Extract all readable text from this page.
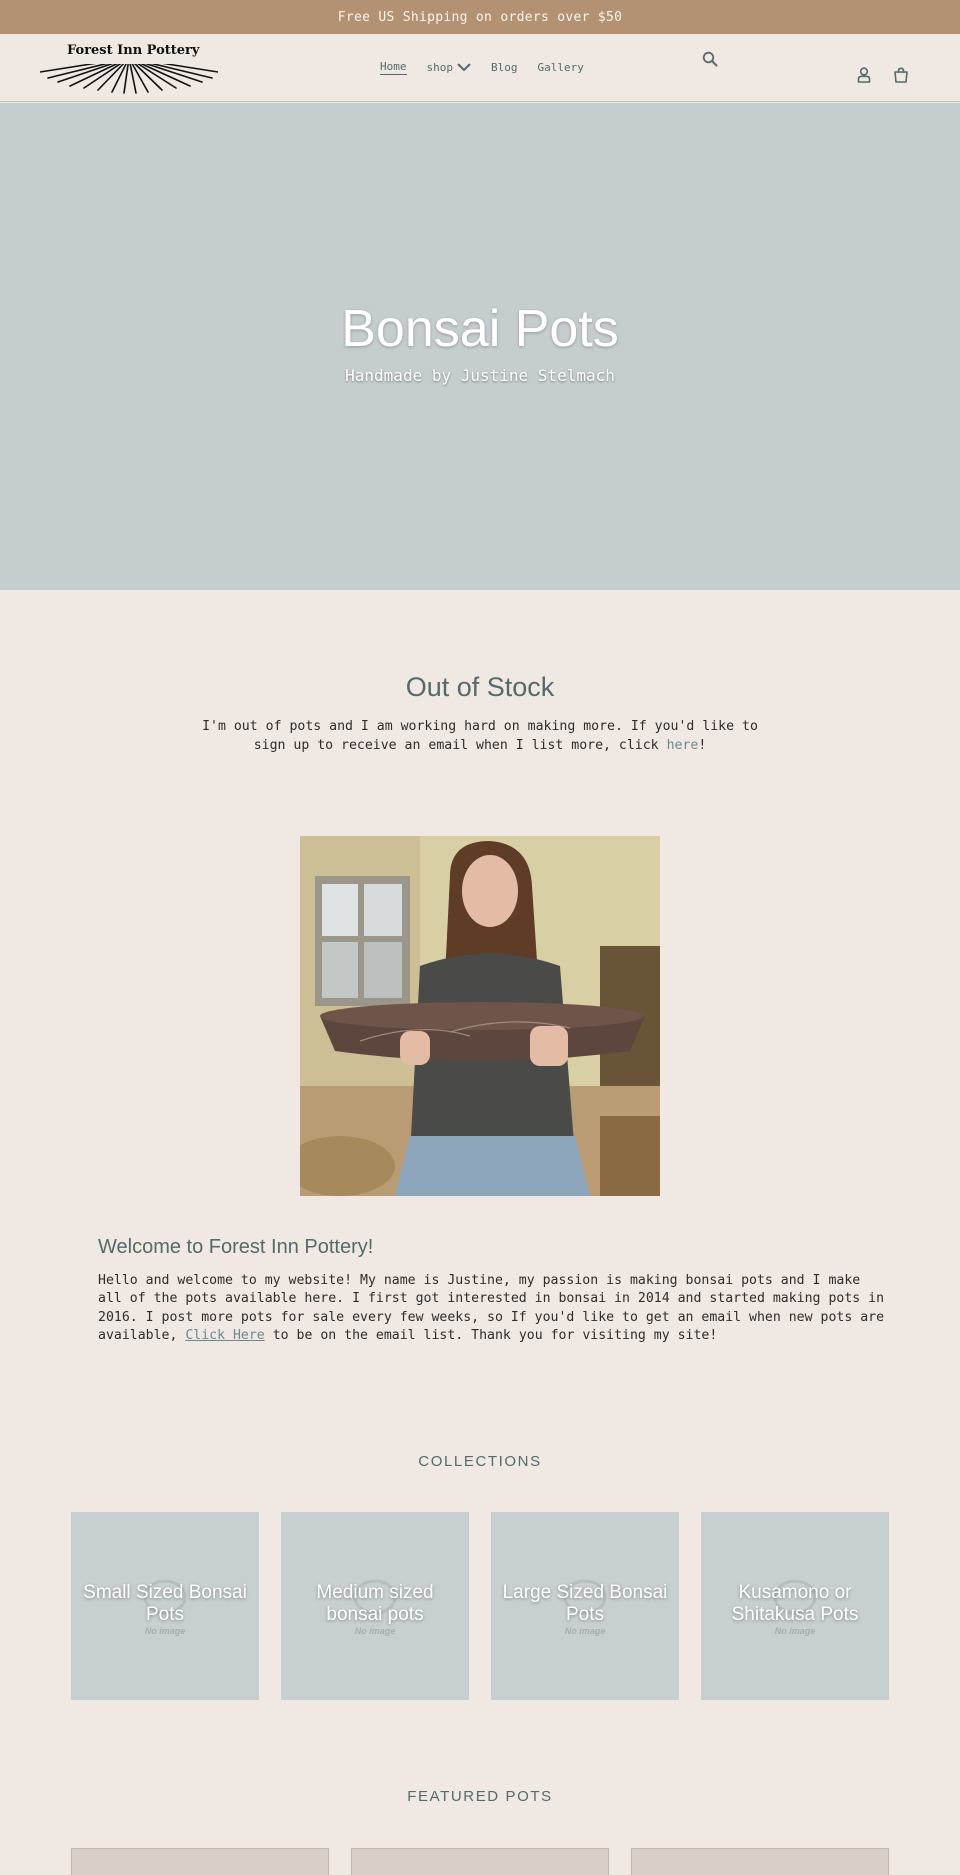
Free US Shipping on orders over $50
Forest Inn Pottery
Home shop	Blog Gallery
Bonsai Pots
Handmade by Justine Stelmach
Out of Stock
I'm out of pots and I am working hard on making more. If you'd like to sign up to receive an email when I list more, click here!
Welcome to Forest Inn Pottery!
Hello and welcome to my website! My name is Justine, my passion is making bonsai pots and I make all of the pots available here. I first got interested in bonsai in 2014 and started making pots in 2016. I post more pots for sale every few weeks, so If you'd like to get an email when new pots are available, Click Here to be on the email list. Thank you for visiting my site!
COLLECTIONS
No image
Small Sized Bonsai Pots
No image
Medium sized bonsai pots
No image
Large Sized Bonsai Pots
No image
Kusamono or Shitakusa Pots
FEATURED POTS
